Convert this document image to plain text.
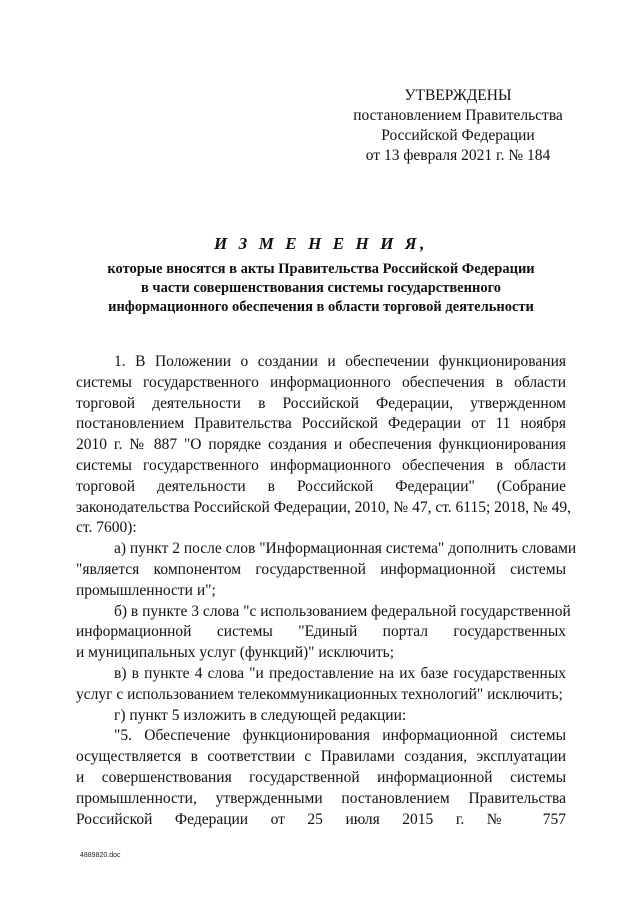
УТВЕРЖДЕНЫ
постановлением Правительства
Российской Федерации
от 13 февраля 2021 г. № 184
И З М Е Н Е Н И Я,
которые вносятся в акты Правительства Российской Федерации
в части совершенствования системы государственного
информационного обеспечения в области торговой деятельности
1. В Положении о создании и обеспечении функционирования
системы государственного информационного обеспечения в области
торговой деятельности в Российской Федерации, утвержденном
постановлением Правительства Российской Федерации от 11 ноября
2010 г. № 887 "О порядке создания и обеспечения функционирования
системы государственного информационного обеспечения в области
торговой деятельности в Российской Федерации" (Собрание
законодательства Российской Федерации, 2010, № 47, ст. 6115; 2018, № 49,
ст. 7600):
а) пункт 2 после слов "Информационная система" дополнить словами
"является компонентом государственной информационной системы
промышленности и";
б) в пункте 3 слова "с использованием федеральной государственной
информационной системы "Единый портал государственных
и муниципальных услуг (функций)" исключить;
в) в пункте 4 слова "и предоставление на их базе государственных
услуг с использованием телекоммуникационных технологий" исключить;
г) пункт 5 изложить в следующей редакции:
"5. Обеспечение функционирования информационной системы
осуществляется в соответствии с Правилами создания, эксплуатации
и совершенствования государственной информационной системы
промышленности, утвержденными постановлением Правительства
Российской Федерации от 25 июля 2015 г. № 757
4889820.doc
